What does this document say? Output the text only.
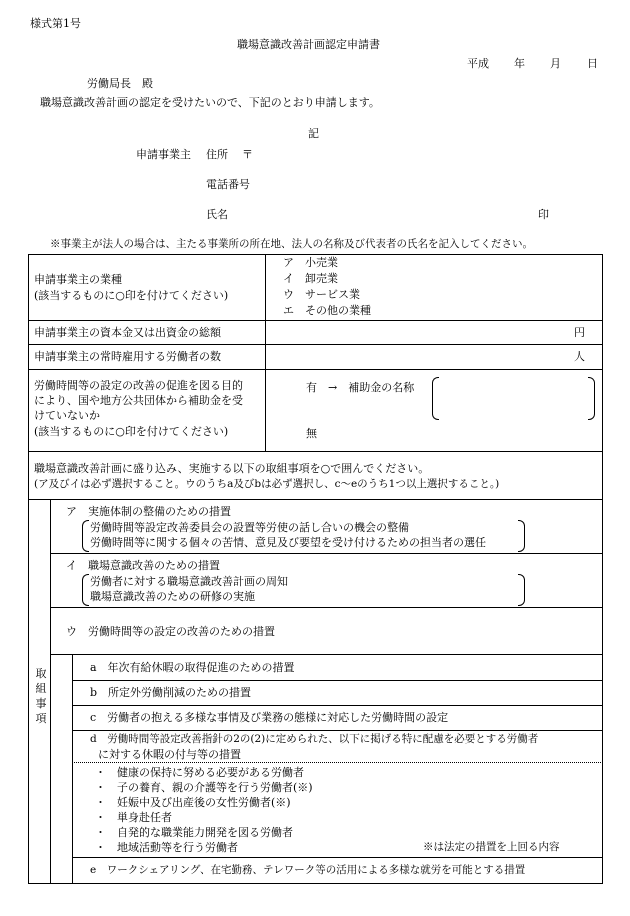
様式第1号
職場意識改善計画認定申請書
平成 年 月 日
労働局長　殿
職場意識改善計画の認定を受けたいので、下記のとおり申請します。
記
申請事業主 住所 〒
電話番号
氏名	印
※事業主が法人の場合は、主たる事業所の所在地、法人の名称及び代表者の氏名を記入してください。
申請事業主の業種
(該当するものに○印を付けてください)
ア　小売業
イ　卸売業
ウ　サービス業
エ　その他の業種
申請事業主の資本金又は出資金の総額	円
申請事業主の常時雇用する労働者の数	人
労働時間等の設定の改善の促進を図る目的
により、国や地方公共団体から補助金を受
けていないか
(該当するものに○印を付けてください)
有　→　補助金の名称
無
職場意識改善計画に盛り込み、実施する以下の取組事項を○で囲んでください。
(ア及びイは必ず選択すること。ウのうちa及びbは必ず選択し、c〜eのうち1つ以上選択すること。)
取
組
事
項
ア　実施体制の整備のための措置
労働時間等設定改善委員会の設置等労使の話し合いの機会の整備
労働時間等に関する個々の苦情、意見及び要望を受け付けるための担当者の選任
イ　職場意識改善のための措置
労働者に対する職場意識改善計画の周知
職場意識改善のための研修の実施
ウ　労働時間等の設定の改善のための措置
a　年次有給休暇の取得促進のための措置
b　所定外労働削減のための措置
c　労働者の抱える多様な事情及び業務の態様に対応した労働時間の設定
d　労働時間等設定改善指針の2の(2)に定められた、以下に掲げる特に配慮を必要とする労働者
に対する休暇の付与等の措置
・　健康の保持に努める必要がある労働者
・　子の養育、親の介護等を行う労働者(※)
・　妊娠中及び出産後の女性労働者(※)
・　単身赴任者
・　自発的な職業能力開発を図る労働者
・　地域活動等を行う労働者	※は法定の措置を上回る内容
e　ワークシェアリング、在宅勤務、テレワーク等の活用による多様な就労を可能とする措置
